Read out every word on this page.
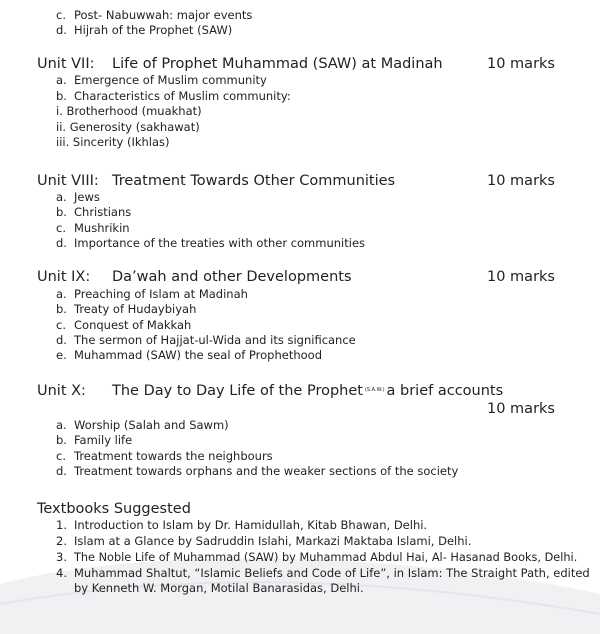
c. Post- Nabuwwah: major events
d. Hijrah of the Prophet (SAW)
Unit VII: Life of Prophet Muhammad (SAW) at Madinah	10 marks
a. Emergence of Muslim community
b. Characteristics of Muslim community:
i. Brotherhood (muakhat)
ii. Generosity (sakhawat)
iii. Sincerity (Ikhlas)
Unit VIII: Treatment Towards Other Communities	10 marks
a. Jews
b. Christians
c. Mushrikin
d. Importance of the treaties with other communities
Unit IX: Da’wah and other Developments	10 marks
a. Preaching of Islam at Madinah
b. Treaty of Hudaybiyah
c. Conquest of Makkah
d. The sermon of Hajjat-ul-Wida and its significance
e. Muhammad (SAW) the seal of Prophethood
Unit X: The Day to Day Life of the Prophet $^{(S.A.W.)}$ a brief accounts
10 marks
a. Worship (Salah and Sawm)
b. Family life
c. Treatment towards the neighbours
d. Treatment towards orphans and the weaker sections of the society
Textbooks Suggested
1. Introduction to Islam by Dr. Hamidullah, Kitab Bhawan, Delhi.
2. Islam at a Glance by Sadruddin Islahi, Markazi Maktaba Islami, Delhi.
3. The Noble Life of Muhammad (SAW) by Muhammad Abdul Hai, Al- Hasanad Books, Delhi.
4. Muhammad Shaltut, “Islamic Beliefs and Code of Life”, in Islam: The Straight Path, edited
by Kenneth W. Morgan, Motilal Banarasidas, Delhi.
